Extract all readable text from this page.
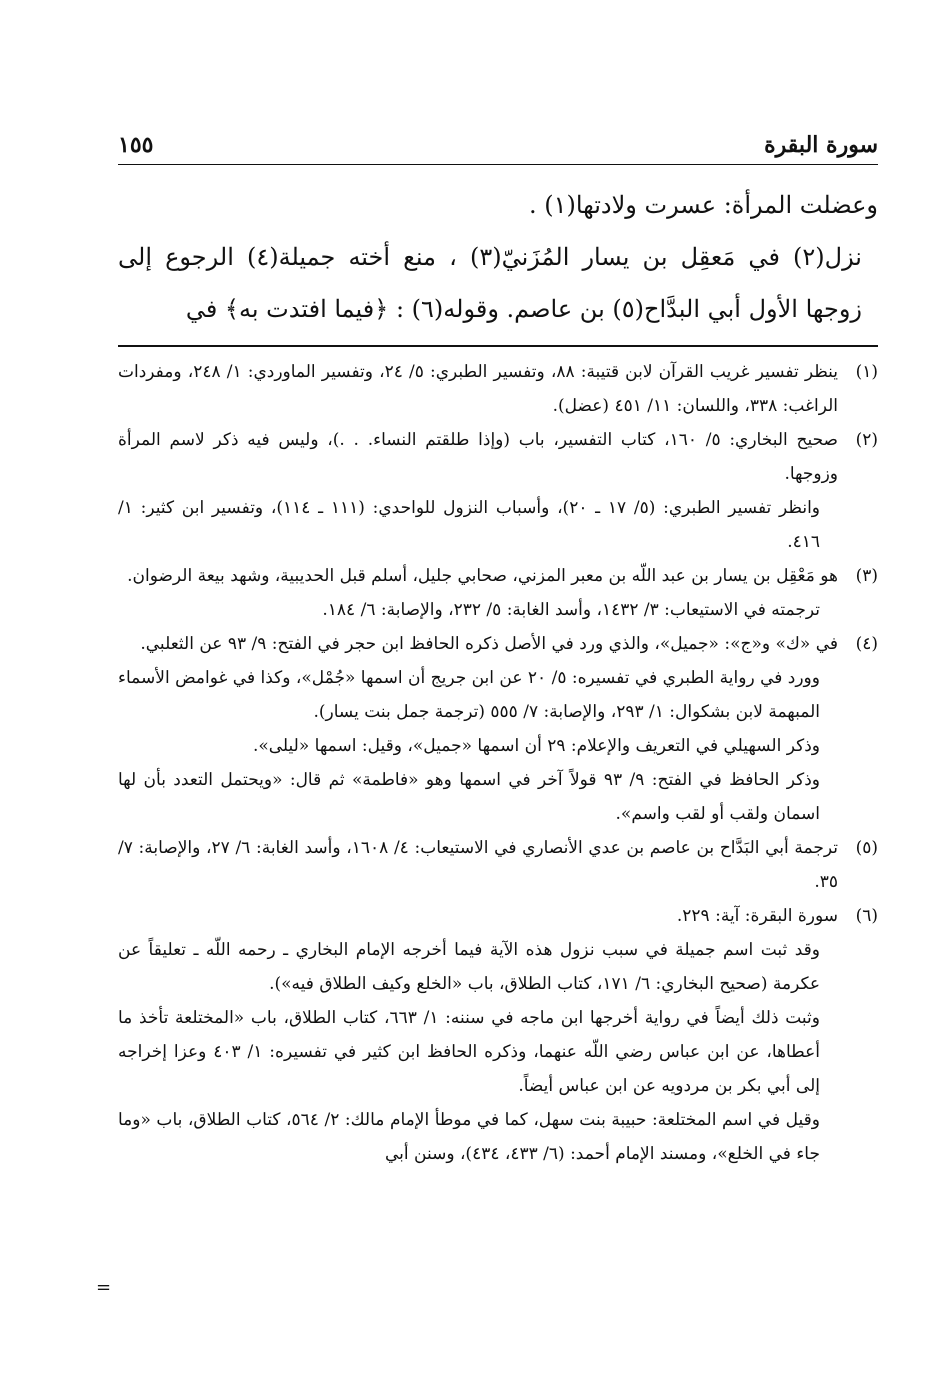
سورة البقرة
١٥٥

وعضلت المرأة: عسرت ولادتها(١) .

نزل(٢) في مَعقِل بن يسار المُزَنيّ(٣) ، منع أخته جميلة(٤) الرجوع إلى زوجها الأول أبي البدَّاح(٥) بن عاصم. وقوله(٦) : ﴿فيما افتدت به﴾ في

(١)

ينظر تفسير غريب القرآن لابن قتيبة: ٨٨، وتفسير الطبري: ٥/ ٢٤، وتفسير الماوردي: ١/ ٢٤٨، ومفردات الراغب: ٣٣٨، واللسان: ١١/ ٤٥١ (عضل).

(٢)

صحيح البخاري: ٥/ ١٦٠، كتاب التفسير، باب (وإذا طلقتم النساء. . .)، وليس فيه ذكر لاسم المرأة وزوجها.

وانظر تفسير الطبري: (٥/ ١٧ ـ ٢٠)، وأسباب النزول للواحدي: (١١١ ـ ١١٤)، وتفسير ابن كثير: ١/ ٤١٦.

(٣)

هو مَعْقِل بن يسار بن عبد اللّه بن معبر المزني، صحابي جليل، أسلم قبل الحديبية، وشهد بيعة الرضوان.

ترجمته في الاستيعاب: ٣/ ١٤٣٢، وأسد الغابة: ٥/ ٢٣٢، والإصابة: ٦/ ١٨٤.

(٤)

في «ك» و«ج»: «جميل»، والذي ورد في الأصل ذكره الحافظ ابن حجر في الفتح: ٩/ ٩٣ عن الثعلبي.

وورد في رواية الطبري في تفسيره: ٥/ ٢٠ عن ابن جريج أن اسمها «جُمْل»، وكذا في غوامض الأسماء المبهمة لابن بشكوال: ١/ ٢٩٣، والإصابة: ٧/ ٥٥٥ (ترجمة جمل بنت يسار).

وذكر السهيلي في التعريف والإعلام: ٢٩ أن اسمها «جميل»، وقيل: اسمها «ليلى».

وذكر الحافظ في الفتح: ٩/ ٩٣ قولاً آخر في اسمها وهو «فاطمة» ثم قال: «ويحتمل التعدد بأن لها اسمان ولقب أو لقب واسم».

(٥)

ترجمة أبي البَدَّاح بن عاصم بن عدي الأنصاري في الاستيعاب: ٤/ ١٦٠٨، وأسد الغابة: ٦/ ٢٧، والإصابة: ٧/ ٣٥.

(٦)

سورة البقرة: آية: ٢٢٩.

وقد ثبت اسم جميلة في سبب نزول هذه الآية فيما أخرجه الإمام البخاري ـ رحمه اللّه ـ تعليقاً عن عكرمة (صحيح البخاري: ٦/ ١٧١، كتاب الطلاق، باب «الخلع وكيف الطلاق فيه»).

وثبت ذلك أيضاً في رواية أخرجها ابن ماجه في سننه: ١/ ٦٦٣، كتاب الطلاق، باب «المختلعة تأخذ ما أعطاها، عن ابن عباس رضي اللّه عنهما، وذكره الحافظ ابن كثير في تفسيره: ١/ ٤٠٣ وعزا إخراجه إلى أبي بكر بن مردويه عن ابن عباس أيضاً.

وقيل في اسم المختلعة: حبيبة بنت سهل، كما في موطأ الإمام مالك: ٢/ ٥٦٤، كتاب الطلاق، باب «وما جاء في الخلع»، ومسند الإمام أحمد: (٦/ ٤٣٣، ٤٣٤)، وسنن أبي

=
